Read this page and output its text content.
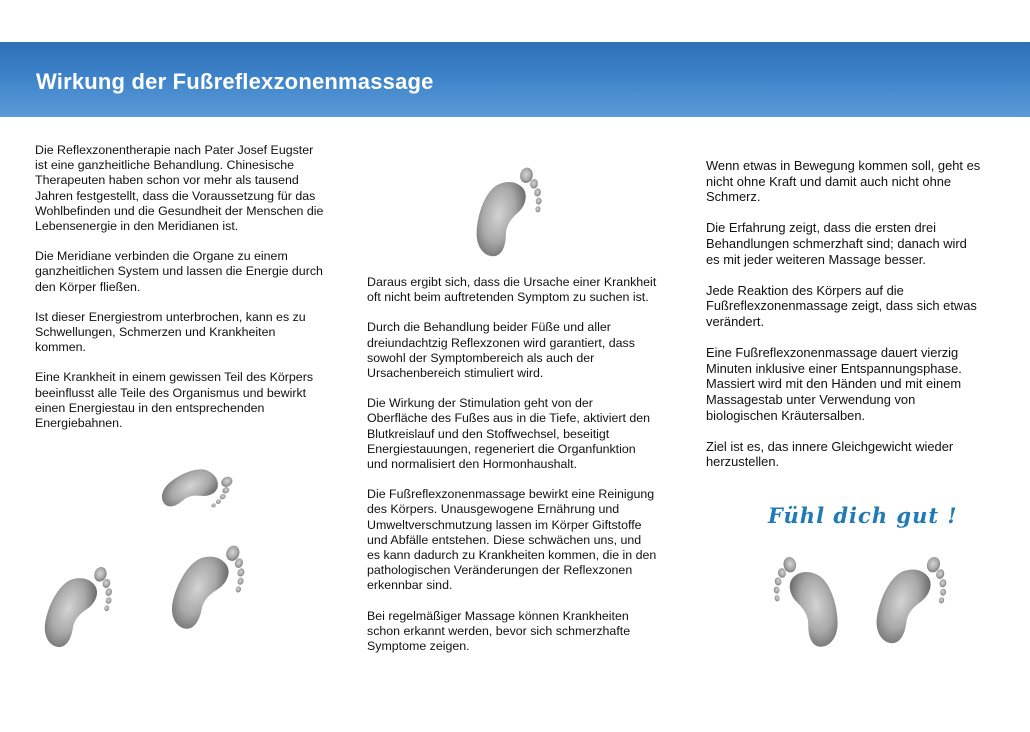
Wirkung der Fußreflexzonenmassage

Die Reflexzonentherapie nach Pater Josef Eugster
ist eine ganzheitliche Behandlung. Chinesische
Therapeuten haben schon vor mehr als tausend
Jahren festgestellt, dass die Voraussetzung für das
Wohlbefinden und die Gesundheit der Menschen die
Lebensenergie in den Meridianen ist.

Die Meridiane verbinden die Organe zu einem
ganzheitlichen System und lassen die Energie durch
den Körper fließen.

Ist dieser Energiestrom unterbrochen, kann es zu
Schwellungen, Schmerzen und Krankheiten
kommen.

Eine Krankheit in einem gewissen Teil des Körpers
beeinflusst alle Teile des Organismus und bewirkt
einen Energiestau in den entsprechenden
Energiebahnen.

Daraus ergibt sich, dass die Ursache einer Krankheit
oft nicht beim auftretenden Symptom zu suchen ist.

Durch die Behandlung beider Füße und aller
dreiundachtzig Reflexzonen wird garantiert, dass
sowohl der Symptombereich als auch der
Ursachenbereich stimuliert wird.

Die Wirkung der Stimulation geht von der
Oberfläche des Fußes aus in die Tiefe, aktiviert den
Blutkreislauf und den Stoffwechsel, beseitigt
Energiestauungen, regeneriert die Organfunktion
und normalisiert den Hormonhaushalt.

Die Fußreflexzonenmassage bewirkt eine Reinigung
des Körpers. Unausgewogene Ernährung und
Umweltverschmutzung lassen im Körper Giftstoffe
und Abfälle entstehen. Diese schwächen uns, und
es kann dadurch zu Krankheiten kommen, die in den
pathologischen Veränderungen der Reflexzonen
erkennbar sind.

Bei regelmäßiger Massage können Krankheiten
schon erkannt werden, bevor sich schmerzhafte
Symptome zeigen.

Wenn etwas in Bewegung kommen soll, geht es
nicht ohne Kraft und damit auch nicht ohne
Schmerz.

Die Erfahrung zeigt, dass die ersten drei
Behandlungen schmerzhaft sind; danach wird
es mit jeder weiteren Massage besser.

Jede Reaktion des Körpers auf die
Fußreflexzonenmassage zeigt, dass sich etwas
verändert.

Eine Fußreflexzonenmassage dauert vierzig
Minuten inklusive einer Entspannungsphase.
Massiert wird mit den Händen und mit einem
Massagestab unter Verwendung von
biologischen Kräutersalben.

Ziel ist es, das innere Gleichgewicht wieder
herzustellen.

Fühl dich gut !
